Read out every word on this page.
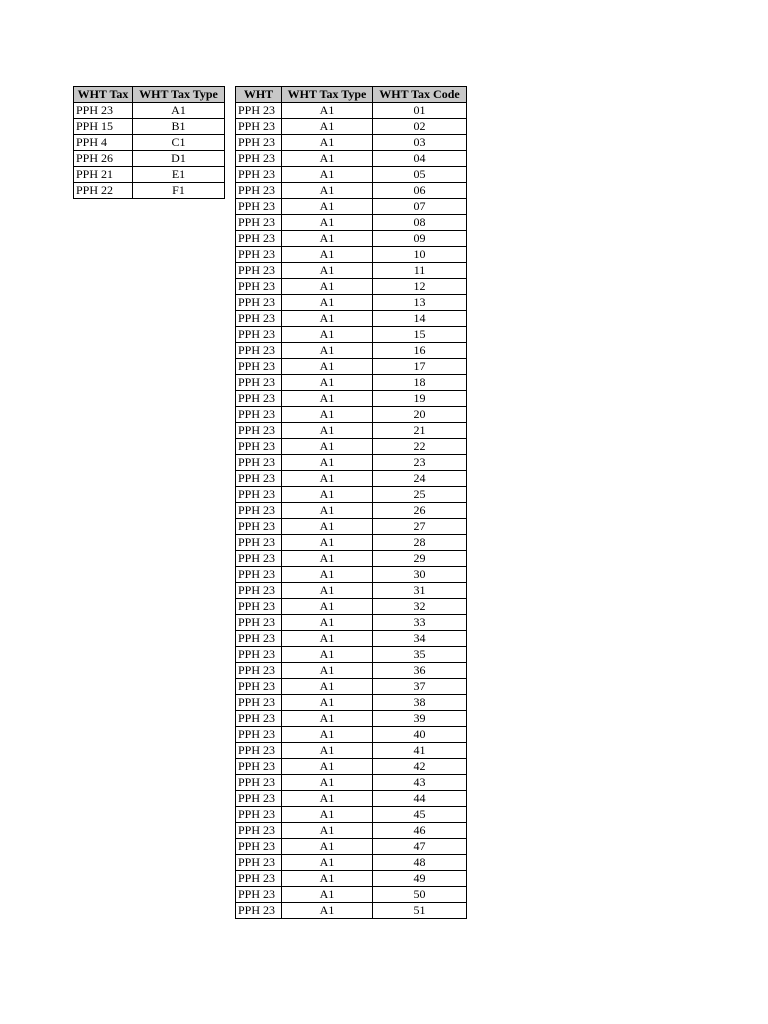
WHT Tax	WHT Tax Type
PPH 23	A1
PPH 15	B1
PPH 4	C1
PPH 26	D1
PPH 21	E1
PPH 22	F1
WHT	WHT Tax Type	WHT Tax Code
PPH 23	A1	01
PPH 23	A1	02
PPH 23	A1	03
PPH 23	A1	04
PPH 23	A1	05
PPH 23	A1	06
PPH 23	A1	07
PPH 23	A1	08
PPH 23	A1	09
PPH 23	A1	10
PPH 23	A1	11
PPH 23	A1	12
PPH 23	A1	13
PPH 23	A1	14
PPH 23	A1	15
PPH 23	A1	16
PPH 23	A1	17
PPH 23	A1	18
PPH 23	A1	19
PPH 23	A1	20
PPH 23	A1	21
PPH 23	A1	22
PPH 23	A1	23
PPH 23	A1	24
PPH 23	A1	25
PPH 23	A1	26
PPH 23	A1	27
PPH 23	A1	28
PPH 23	A1	29
PPH 23	A1	30
PPH 23	A1	31
PPH 23	A1	32
PPH 23	A1	33
PPH 23	A1	34
PPH 23	A1	35
PPH 23	A1	36
PPH 23	A1	37
PPH 23	A1	38
PPH 23	A1	39
PPH 23	A1	40
PPH 23	A1	41
PPH 23	A1	42
PPH 23	A1	43
PPH 23	A1	44
PPH 23	A1	45
PPH 23	A1	46
PPH 23	A1	47
PPH 23	A1	48
PPH 23	A1	49
PPH 23	A1	50
PPH 23	A1	51
